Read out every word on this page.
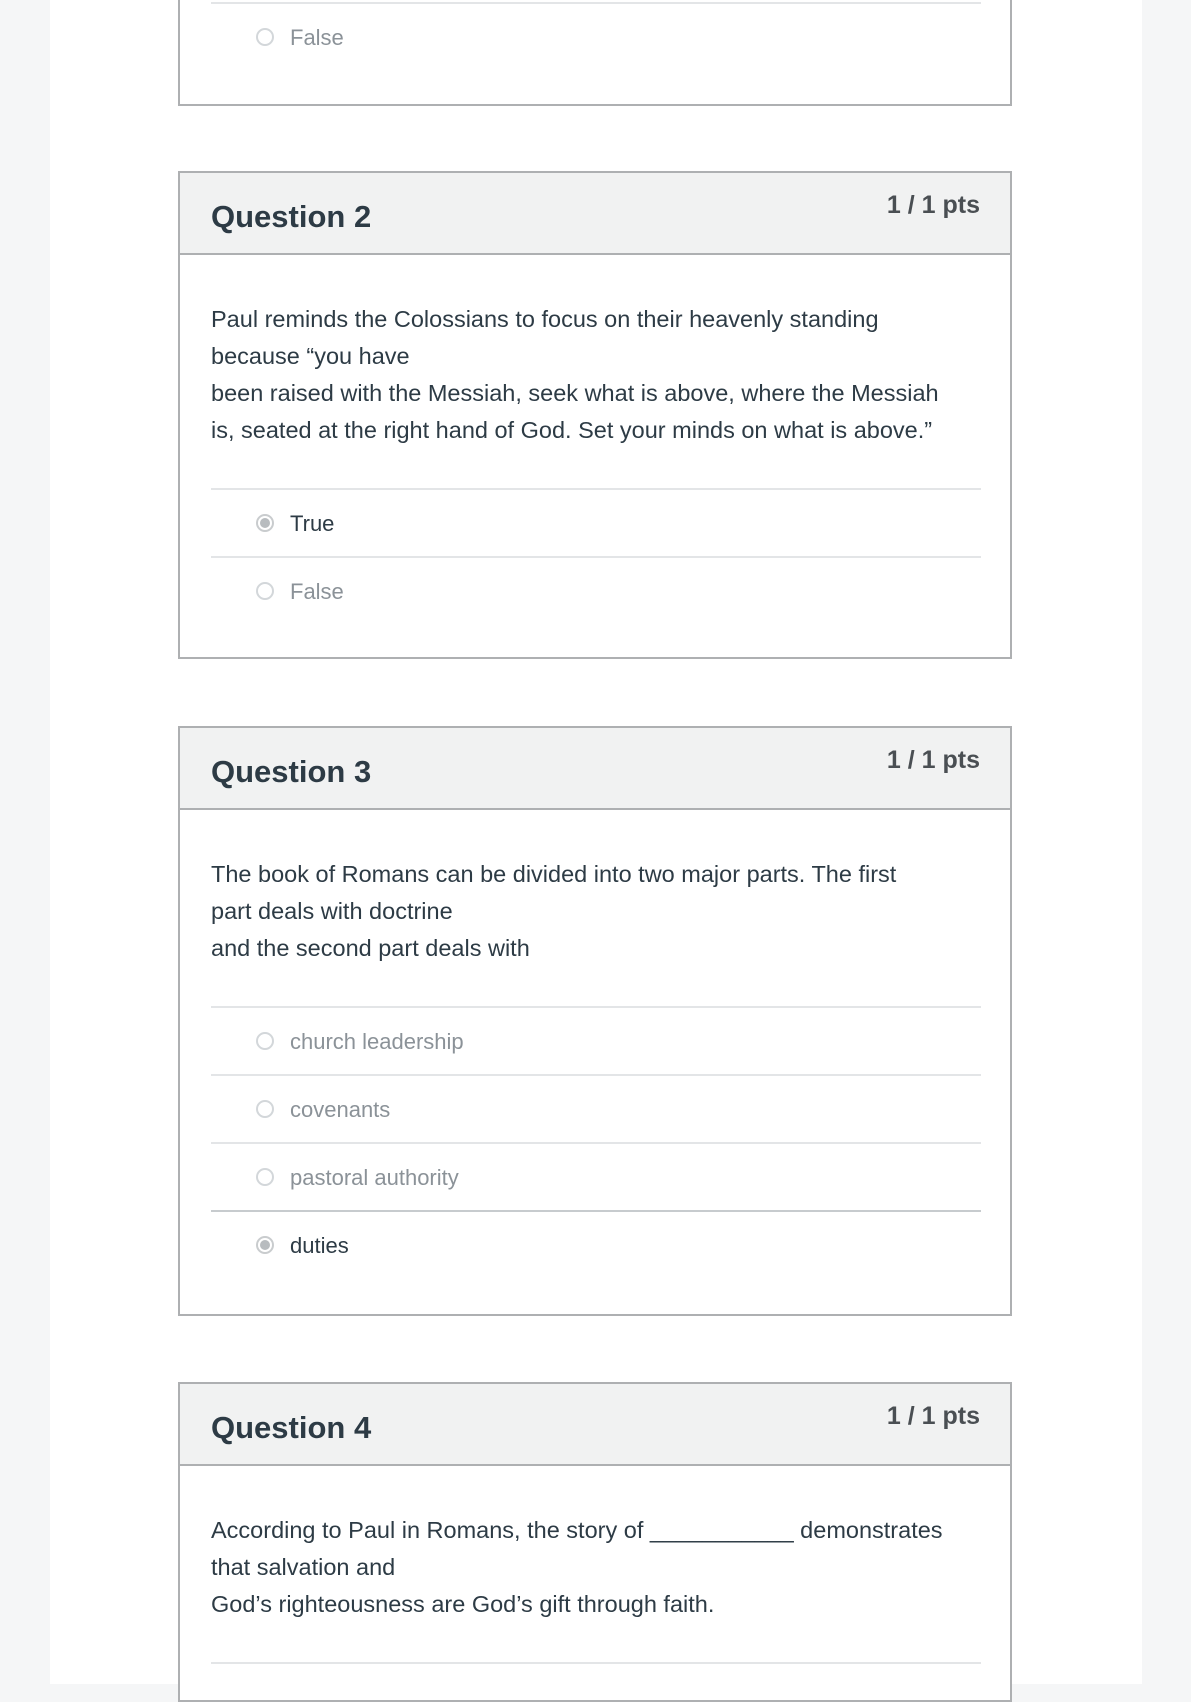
False
Question 2	1 / 1 pts
Paul reminds the Colossians to focus on their heavenly standing
because “you have
been raised with the Messiah, seek what is above, where the Messiah
is, seated at the right hand of God. Set your minds on what is above.”
True
False
Question 3	1 / 1 pts
The book of Romans can be divided into two major parts. The first
part deals with doctrine
and the second part deals with
church leadership
covenants
pastoral authority
duties
Question 4	1 / 1 pts
According to Paul in Romans, the story of ___________ demonstrates
that salvation and
God’s righteousness are God’s gift through faith.
